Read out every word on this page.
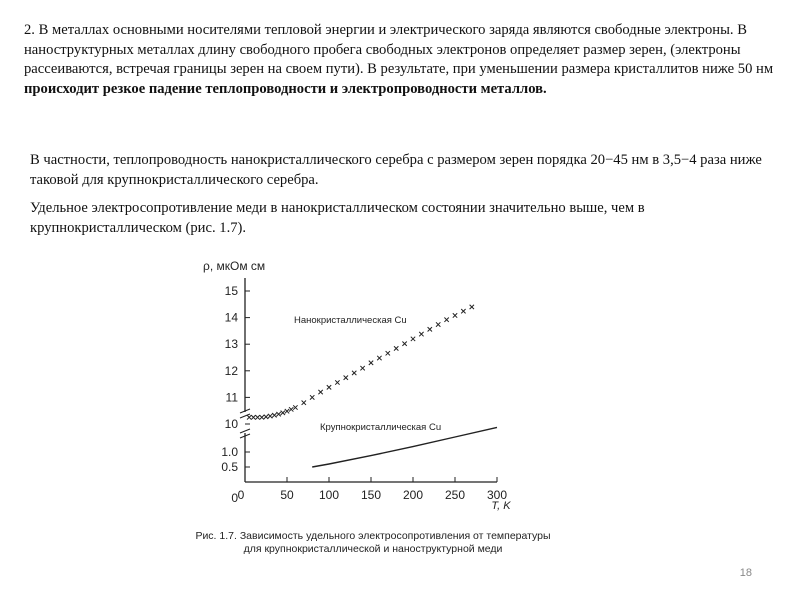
2. В металлах основными носителями тепловой энергии и электрического заряда являются свободные электроны. В наноструктурных металлах длину свободного пробега свободных электронов определяет размер зерен, (электроны рассеиваются, встречая границы зерен на своем пути). В результате, при уменьшении размера кристаллитов ниже 50 нм происходит резкое падение теплопроводности и электропроводности металлов.
В частности, теплопроводность нанокристаллического серебра с размером зерен порядка 20−45 нм в 3,5−4 раза ниже таковой для крупнокристаллического серебра.
Удельное электросопротивление меди в нанокристаллическом состоянии значительно выше, чем в крупнокристаллическом (рис. 1.7).
10
11
12
13
14
15
0
0.5
1.0
0	50 100 150 200 250 300
ρ, мкОм см
T, K
Нанокристаллическая Cu
Крупнокристаллическая Cu
Рис. 1.7. Зависимость удельного электросопротивления от температуры
для крупнокристаллической и наноструктурной меди
18
